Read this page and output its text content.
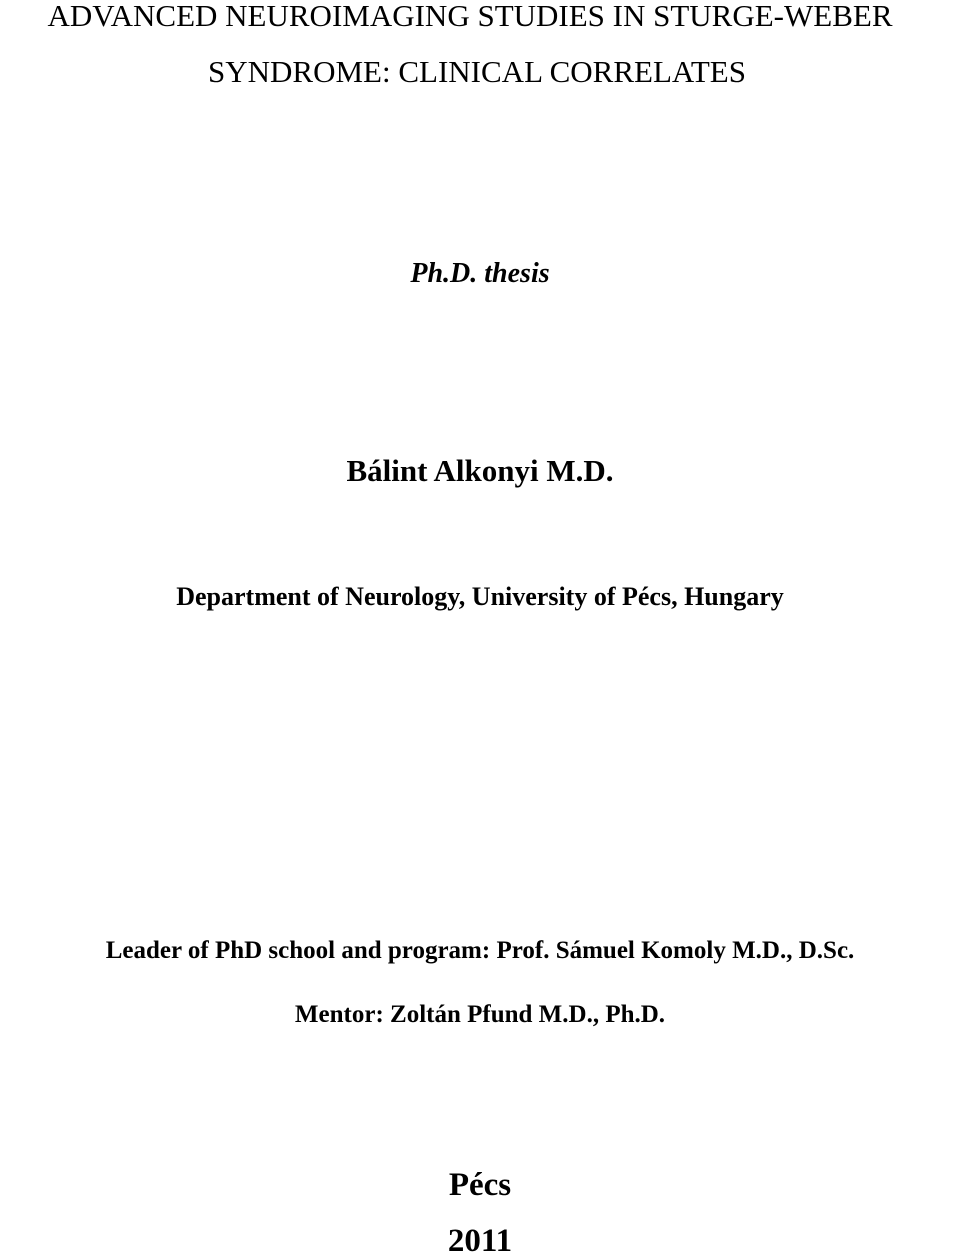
ADVANCED NEUROIMAGING STUDIES IN STURGE-WEBER
SYNDROME: CLINICAL CORRELATES
Ph.D. thesis
Bálint Alkonyi M.D.
Department of Neurology, University of Pécs, Hungary
Leader of PhD school and program: Prof. Sámuel Komoly M.D., D.Sc.
Mentor: Zoltán Pfund M.D., Ph.D.
Pécs
2011
